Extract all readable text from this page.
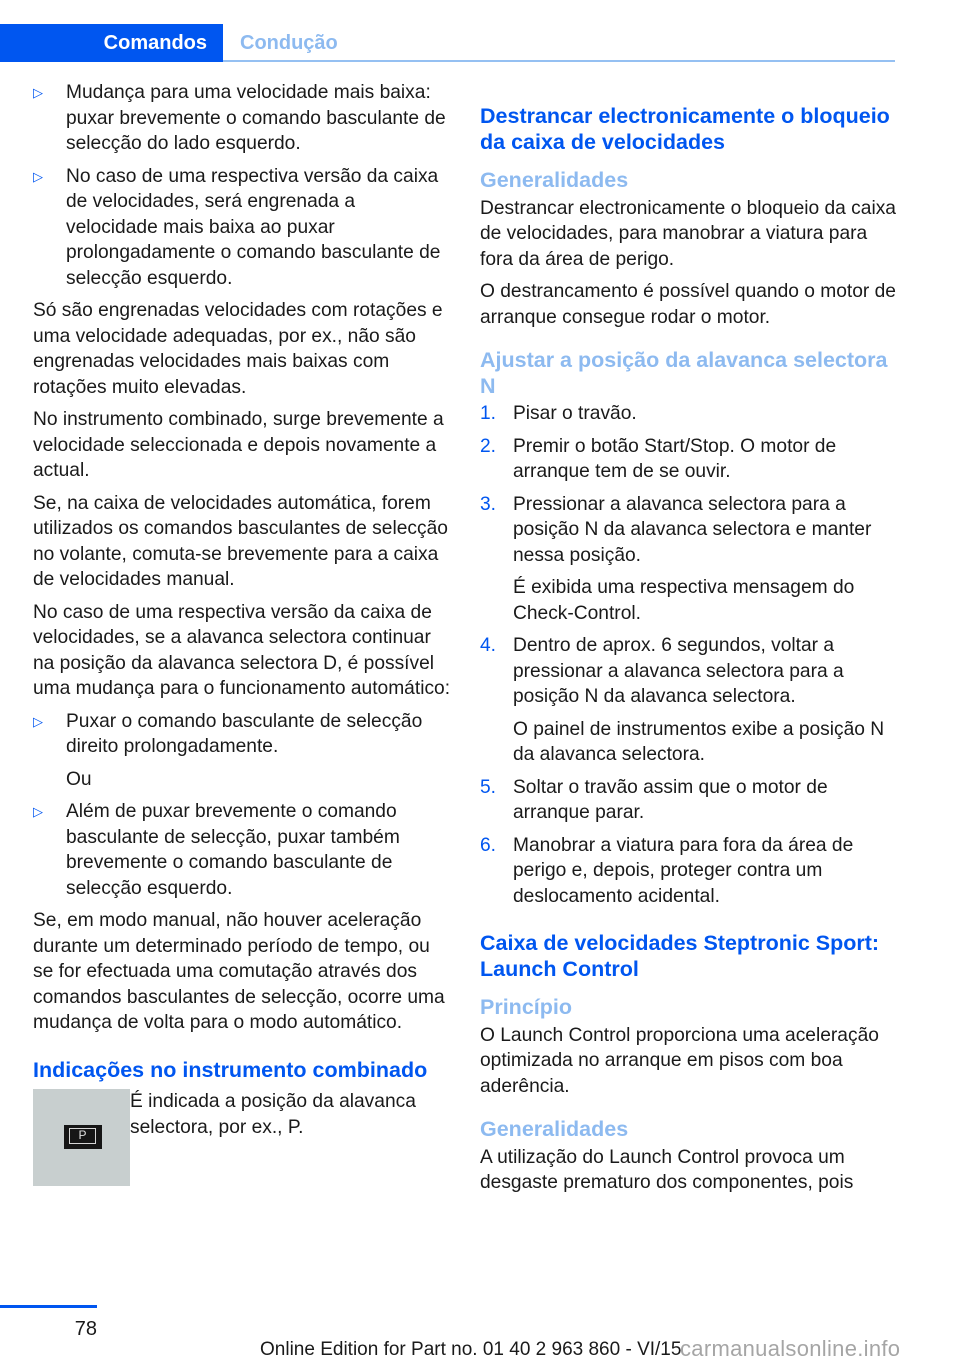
Comandos	Condução
▷ Mudança para uma velocidade mais baixa: puxar brevemente o comando basculante de selecção do lado esquerdo.
▷ No caso de uma respectiva versão da caixa de velocidades, será engrenada a velocidade mais baixa ao puxar prolongadamente o comando basculante de selecção esquerdo.

Só são engrenadas velocidades com rotações e uma velocidade adequadas, por ex., não são engrenadas velocidades mais baixas com rotações muito elevadas.

No instrumento combinado, surge brevemente a velocidade seleccionada e depois novamente a actual.

Se, na caixa de velocidades automática, forem utilizados os comandos basculantes de selecção no volante, comuta-se brevemente para a caixa de velocidades manual.

No caso de uma respectiva versão da caixa de velocidades, se a alavanca selectora continuar na posição da alavanca selectora D, é possível uma mudança para o funcionamento automático:

▷ Puxar o comando basculante de selecção direito prolongadamente.
Ou
▷ Além de puxar brevemente o comando basculante de selecção, puxar também brevemente o comando basculante de selecção esquerdo.

Se, em modo manual, não houver aceleração durante um determinado período de tempo, ou se for efectuada uma comutação através dos comandos basculantes de selecção, ocorre uma mudança de volta para o modo automático.

Indicações no instrumento combinado
P

É indicada a posição da alavanca selectora, por ex., P.

Destrancar electronicamente o bloqueio da caixa de velocidades
Generalidades

Destrancar electronicamente o bloqueio da caixa de velocidades, para manobrar a viatura para fora da área de perigo.

O destrancamento é possível quando o motor de arranque consegue rodar o motor.

Ajustar a posição da alavanca selectora N
1. Pisar o travão.
2. Premir o botão Start/Stop. O motor de arranque tem de se ouvir.
3. Pressionar a alavanca selectora para a posição N da alavanca selectora e manter nessa posição.
É exibida uma respectiva mensagem do Check-Control.
4. Dentro de aprox. 6 segundos, voltar a pressionar a alavanca selectora para a posição N da alavanca selectora.
O painel de instrumentos exibe a posição N da alavanca selectora.
5. Soltar o travão assim que o motor de arranque parar.
6. Manobrar a viatura para fora da área de perigo e, depois, proteger contra um deslocamento acidental.
Caixa de velocidades Steptronic Sport: Launch Control
Princípio

O Launch Control proporciona uma aceleração optimizada no arranque em pisos com boa aderência.

Generalidades

A utilização do Launch Control provoca um desgaste prematuro dos componentes, pois

78
Online Edition for Part no. 01 40 2 963 860 - VI/15
carmanualsonline.info
